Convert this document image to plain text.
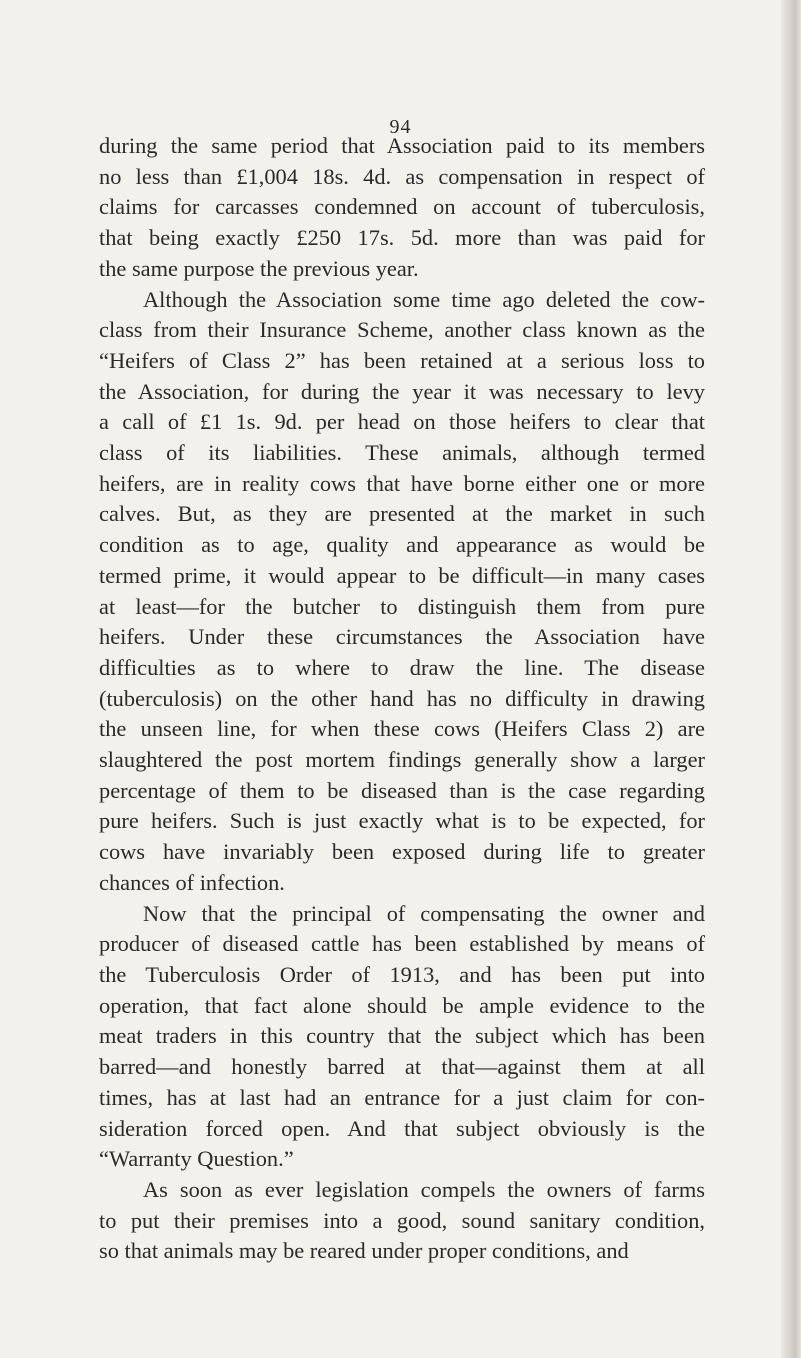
94

during the same period that Association paid to its members
no less than £1,004 18s. 4d. as compensation in respect of
claims for carcasses condemned on account of tuberculosis,
that being exactly £250 17s. 5d. more than was paid for
the same purpose the previous year.

Although the Association some time ago deleted the cow-
class from their Insurance Scheme, another class known as the
“Heifers of Class 2” has been retained at a serious loss to
the Association, for during the year it was necessary to levy
a call of £1 1s. 9d. per head on those heifers to clear that
class of its liabilities. These animals, although termed
heifers, are in reality cows that have borne either one or more
calves. But, as they are presented at the market in such
condition as to age, quality and appearance as would be
termed prime, it would appear to be difficult—in many cases
at least—for the butcher to distinguish them from pure
heifers. Under these circumstances the Association have
difficulties as to where to draw the line. The disease
(tuberculosis) on the other hand has no difficulty in drawing
the unseen line, for when these cows (Heifers Class 2) are
slaughtered the post mortem findings generally show a larger
percentage of them to be diseased than is the case regarding
pure heifers. Such is just exactly what is to be expected, for
cows have invariably been exposed during life to greater
chances of infection.

Now that the principal of compensating the owner and
producer of diseased cattle has been established by means of
the Tuberculosis Order of 1913, and has been put into
operation, that fact alone should be ample evidence to the
meat traders in this country that the subject which has been
barred—and honestly barred at that—against them at all
times, has at last had an entrance for a just claim for con-
sideration forced open. And that subject obviously is the
“Warranty Question.”

As soon as ever legislation compels the owners of farms
to put their premises into a good, sound sanitary condition,
so that animals may be reared under proper conditions, and
